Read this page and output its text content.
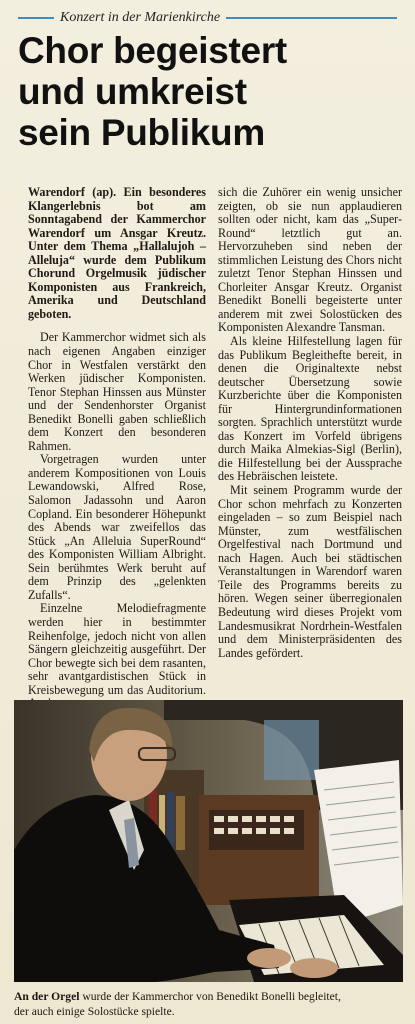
Konzert in der Marienkirche
Chor begeistert
und umkreist
sein Publikum

Warendorf (ap). Ein besonderes Klangerlebnis bot am Sonntagabend der Kammerchor Warendorf um Ansgar Kreutz. Unter dem Thema „Hallalujoh – Alleluja“ wurde dem Publikum Chorund Orgelmusik jüdischer Komponisten aus Frankreich, Amerika und Deutschland geboten.

Der Kammerchor widmet sich als nach eigenen Angaben einziger Chor in Westfalen verstärkt den Werken jüdischer Komponisten. Tenor Stephan Hinssen aus Münster und der Sendenhorster Organist Benedikt Bonelli gaben schließlich dem Konzert den besonderen Rahmen.

Vorgetragen wurden unter anderem Kompositionen von Louis Lewandowski, Alfred Rose, Salomon Jadassohn und Aaron Copland. Ein besonderer Höhepunkt des Abends war zweifellos das Stück „An Alleluia SuperRound“ des Komponisten William Albright. Sein berühmtes Werk beruht auf dem Prinzip des „gelenkten Zufalls“.

Einzelne Melodiefragmente werden hier in bestimmter Reihenfolge, jedoch nicht von allen Sängern gleichzeitig ausgeführt. Der Chor bewegte sich bei dem rasanten, sehr avantgardistischen Stück in Kreisbewegung um das Auditorium.

sich die Zuhörer ein wenig unsicher zeigten, ob sie nun applaudieren sollten oder nicht, kam das „Super-Round“ letztlich gut an. Hervorzuheben sind neben der stimmlichen Leistung des Chors nicht zuletzt Tenor Stephan Hinssen und Chorleiter Ansgar Kreutz. Organist Benedikt Bonelli begeisterte unter anderem mit zwei Solostücken des Komponisten Alexandre Tansman.

Als kleine Hilfestellung lagen für das Publikum Begleithefte bereit, in denen die Originaltexte nebst deutscher Übersetzung sowie Kurzberichte über die Komponisten für Hintergrundinformationen sorgten. Sprachlich unterstützt wurde das Konzert im Vorfeld übrigens durch Maika Almekias-Sigl (Berlin), die Hilfestellung bei der Aussprache des Hebräischen leistete.

Mit seinem Programm wurde der Chor schon mehrfach zu Konzerten eingeladen – so zum Beispiel nach Münster, zum westfälischen Orgelfestival nach Dortmund und nach Hagen. Auch bei städtischen Veranstaltungen in Warendorf waren Teile des Programms bereits zu hören. Wegen seiner überregionalen Bedeutung wird dieses Projekt vom Landesmusikrat Nordrhein-Westfalen und dem Ministerpräsidenten des Landes gefördert.

An der Orgel wurde der Kammerchor von Benedikt Bonelli begleitet,
der auch einige Solostücke spielte.
